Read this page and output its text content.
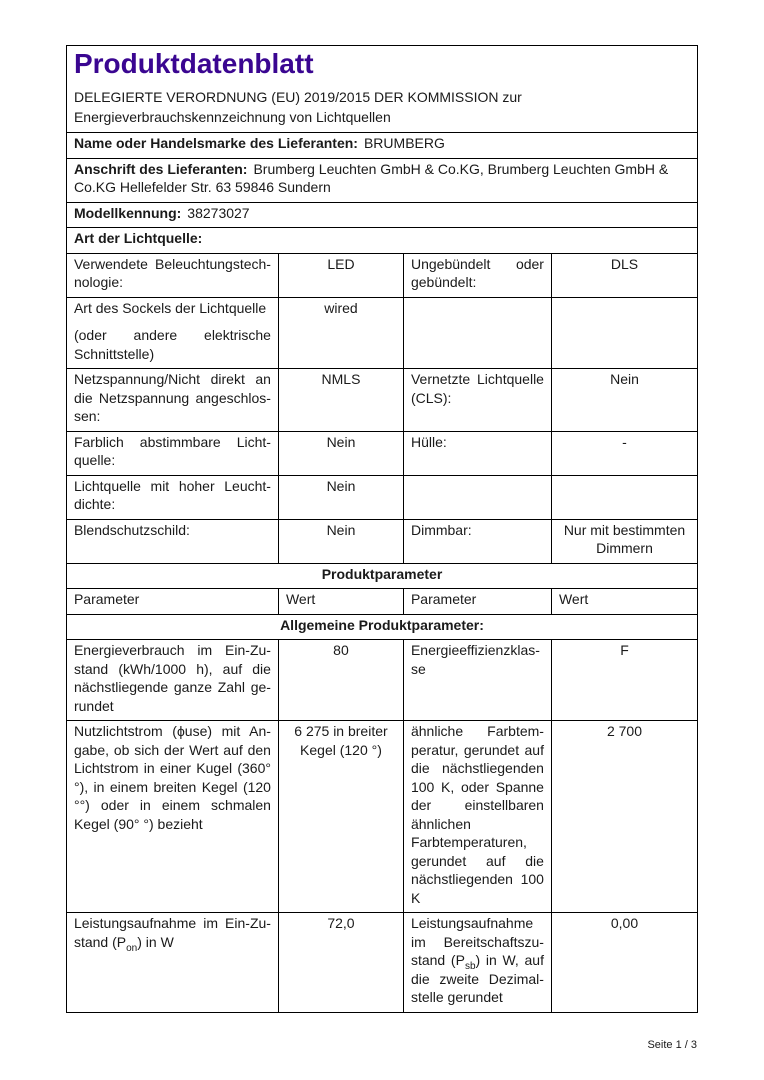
Produktdatenblatt
DELEGIERTE VERORDNUNG (EU) 2019/2015 DER KOMMISSION zur
Energieverbrauchskennzeichnung von Lichtquellen			

Name oder Handelsmarke des Lieferanten: BRUMBERG			
Anschrift des Lieferanten: Brumberg Leuchten GmbH & Co.KG, Brumberg Leuchten GmbH & Co.KG Hellefelder Str. 63 59846 Sundern			
Modellkennung: 38273027			
Art der Lichtquelle:			
Verwendete Beleuchtungstechnologie:	LED	Ungebündelt oder gebündelt:	DLS

Art des Sockels der Lichtquelle
(oder andere elektrische Schnittstelle)	wired		
Netzspannung/Nicht direkt an die Netzspannung angeschlossen:	NMLS	Vernetzte Lichtquelle (CLS):	Nein
Farblich abstimmbare Lichtquelle:	Nein	Hülle:	-
Lichtquelle mit hoher Leuchtdichte:	Nein		
Blendschutzschild:	Nein	Dimmbar:	Nur mit bestimmten Dimmern
Produktparameter			
Parameter	Wert	Parameter	Wert
Allgemeine Produktparameter:			
Energieverbrauch im Ein-Zustand (kWh/1000 h), auf die nächstliegende ganze Zahl gerundet	80	Energieeffizienzklasse	F
Nutzlichtstrom (ϕuse) mit Angabe, ob sich der Wert auf den Lichtstrom in einer Kugel (360° °), in einem breiten Kegel (120 °°) oder in einem schmalen Kegel (90° °) bezieht	6 275 in breiter Kegel (120 °)	ähnliche Farbtemperatur, gerundet auf die nächstliegenden 100 K, oder Spanne der einstellbaren ähnlichen Farbtemperaturen, gerundet auf die nächstliegenden 100 K	2 700
Leistungsaufnahme im Ein-Zustand $(P_{on})$ in W	72,0	Leistungsaufnahme im Bereitschaftszustand $(P_{sb})$ in W, auf die zweite Dezimalstelle gerundet	0,00
Seite 1 / 3
